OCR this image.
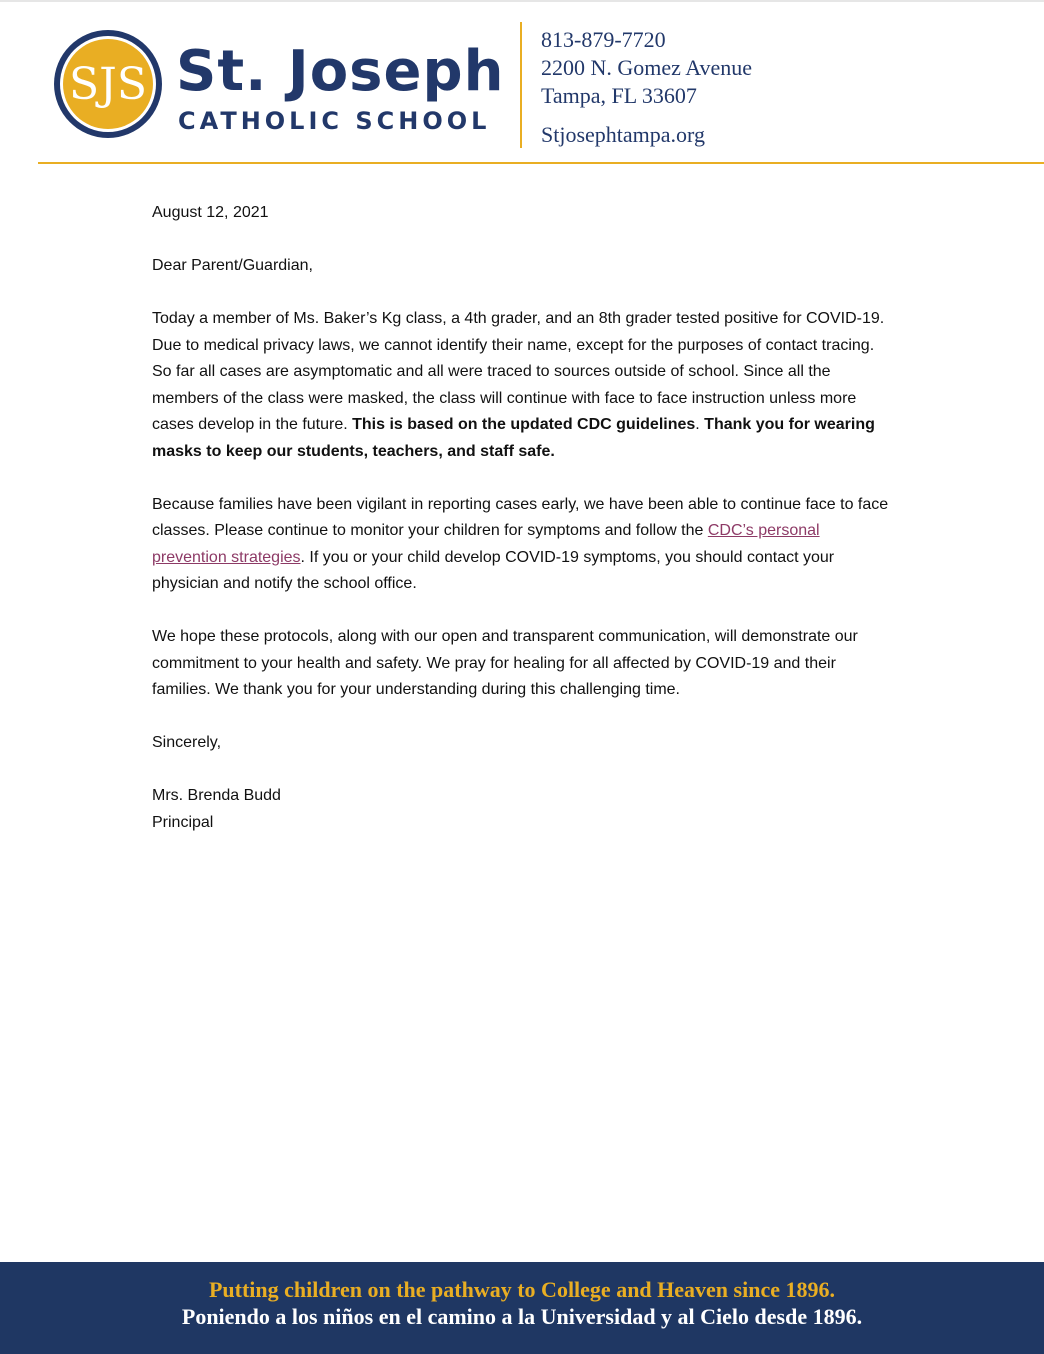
SJS St. Joseph
CATHOLIC SCHOOL
813-879-7720
2200 N. Gomez Avenue
Tampa, FL 33607
Stjosephtampa.org

August 12, 2021

Dear Parent/Guardian,

Today a member of Ms. Baker’s Kg class, a 4th grader, and an 8th grader tested positive for COVID-19. Due to medical privacy laws, we cannot identify their name, except for the purposes of contact tracing. So far all cases are asymptomatic and all were traced to sources outside of school. Since all the members of the class were masked, the class will continue with face to face instruction unless more cases develop in the future. This is based on the updated CDC guidelines. Thank you for wearing masks to keep our students, teachers, and staff safe.

Because families have been vigilant in reporting cases early, we have been able to continue face to face classes. Please continue to monitor your children for symptoms and follow the CDC’s personal prevention strategies. If you or your child develop COVID-19 symptoms, you should contact your physician and notify the school office.

We hope these protocols, along with our open and transparent communication, will demonstrate our commitment to your health and safety. We pray for healing for all affected by COVID-19 and their families. We thank you for your understanding during this challenging time.

Sincerely,

Mrs. Brenda Budd

Principal

Putting children on the pathway to College and Heaven since 1896.
Poniendo a los niños en el camino a la Universidad y al Cielo desde 1896.
